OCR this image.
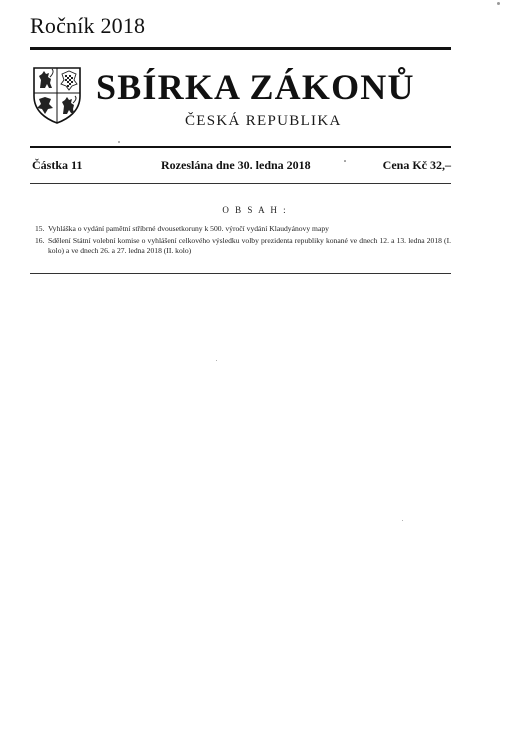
Ročník 2018
SBÍRKA ZÁKONŮ
ČESKÁ REPUBLIKA
Částka 11	Rozeslána dne 30. ledna 2018	Cena Kč 32,–
O B S A H :
15. Vyhláška o vydání pamětní stříbrné dvousetkoruny k 500. výročí vydání Klaudyánovy mapy
16. Sdělení Státní volební komise o vyhlášení celkového výsledku volby prezidenta republiky konané ve dnech 12. a 13. ledna 2018 (I. kolo) a ve dnech 26. a 27. ledna 2018 (II. kolo)
